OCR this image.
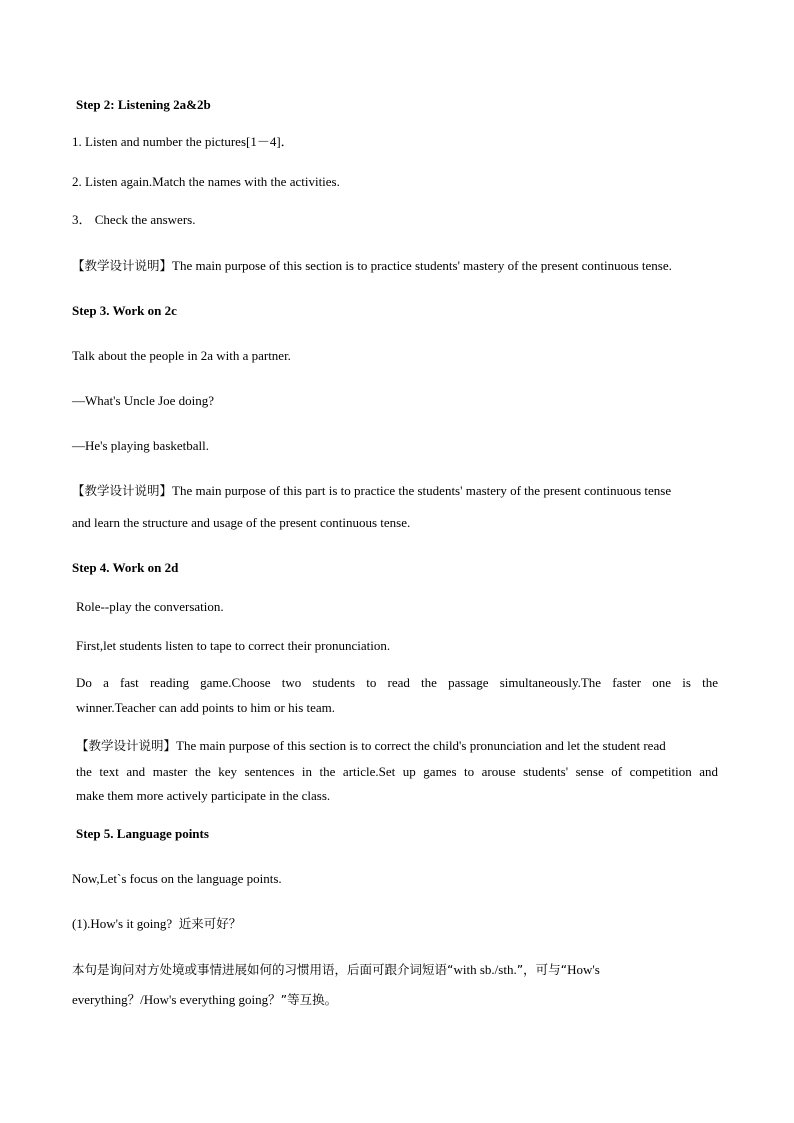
Step 2: Listening 2a&2b
1. Listen and number the pictures[1－4]．
2. Listen again.Match the names with the activities.
3． Check the answers.
【教学设计说明】The main purpose of this section is to practice students' mastery of the present continuous tense.
Step 3. Work on 2c
Talk about the people in 2a with a partner.
—What's Uncle Joe doing?
—He's playing basketball.
【教学设计说明】The main purpose of this part is to practice the students' mastery of the present continuous tense
and learn the structure and usage of the present continuous tense.
Step 4. Work on 2d
Role--play the conversation.
First,let students listen to tape to correct their pronunciation.
Do a fast reading game.Choose two students to read the passage simultaneously.The faster one is the
winner.Teacher can add points to him or his team.
【教学设计说明】The main purpose of this section is to correct the child's pronunciation and let the student read
the text and master the key sentences in the article.Set up games to arouse students' sense of competition and
make them more actively participate in the class.
Step 5. Language points
Now,Let`s focus on the language points.
(1).How's it going? 近来可好？
本句是询问对方处境或事情进展如何的习惯用语，后面可跟介词短语“with sb./sth.”，可与“How's
everything？/How's everything going？”等互换。
